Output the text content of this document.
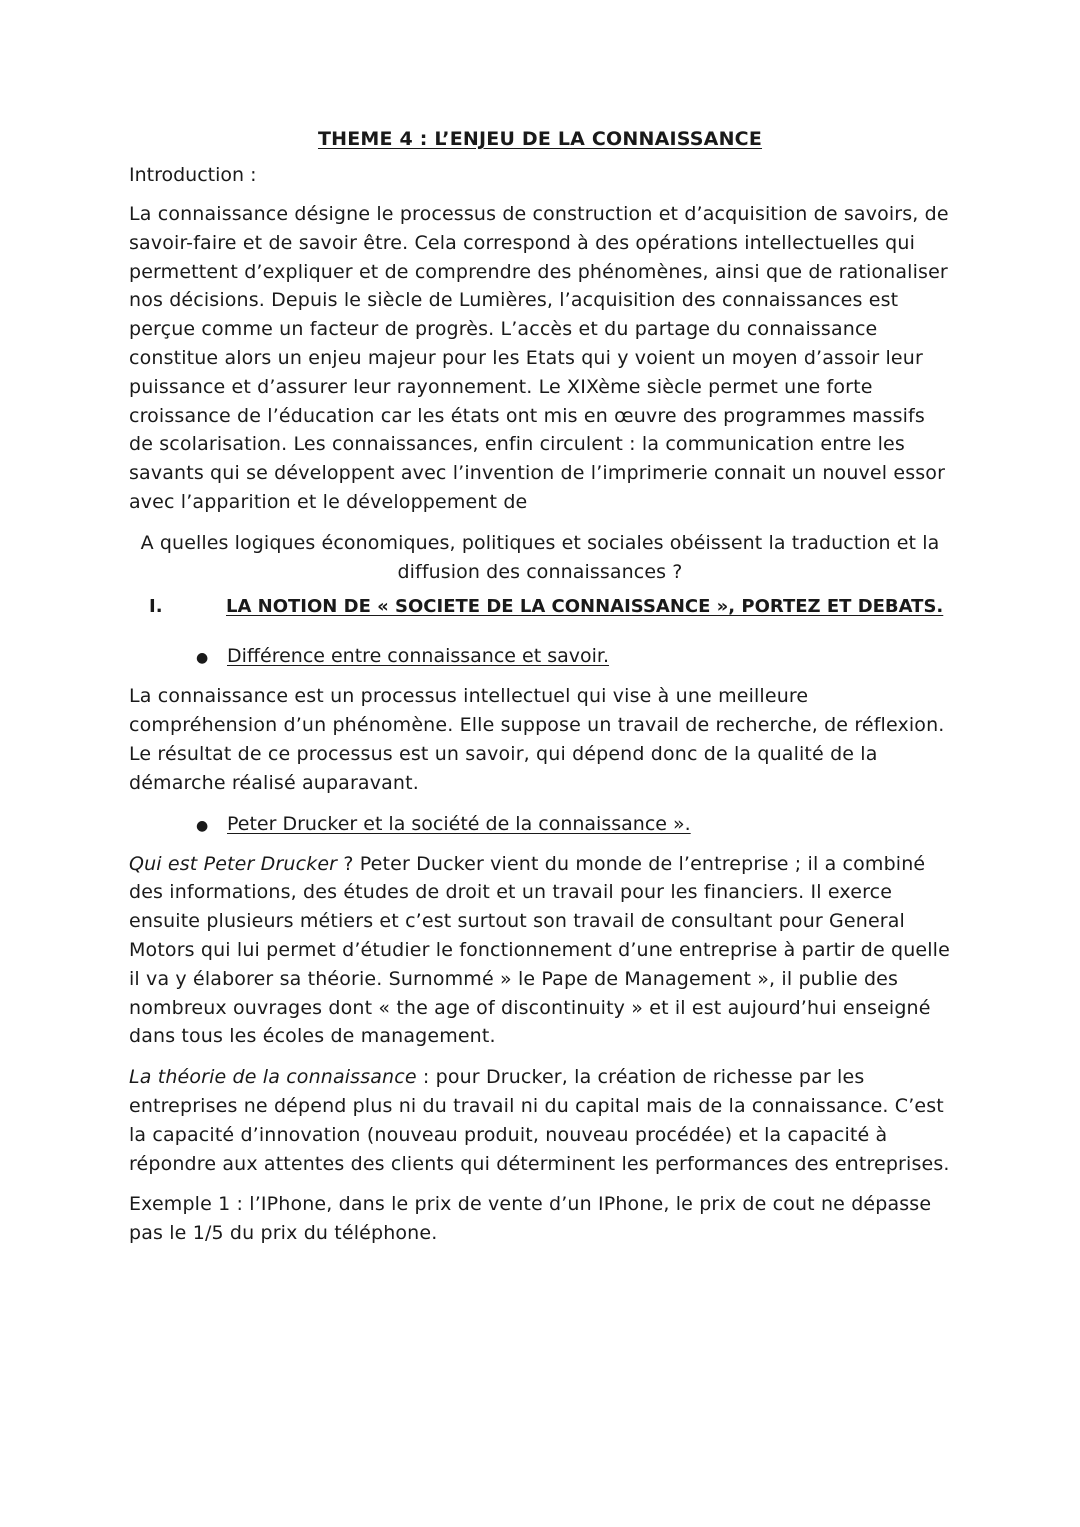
THEME 4 : L’ENJEU DE LA CONNAISSANCE
Introduction :

La connaissance désigne le processus de construction et d’acquisition de savoirs, de savoir-faire et de savoir être. Cela correspond à des opérations intellectuelles qui permettent d’expliquer et de comprendre des phénomènes, ainsi que de rationaliser nos décisions. Depuis le siècle de Lumières, l’acquisition des connaissances est perçue comme un facteur de progrès. L’accès et du partage du connaissance constitue alors un enjeu majeur pour les Etats qui y voient un moyen d’assoir leur puissance et d’assurer leur rayonnement. Le XIXème siècle permet une forte croissance de l’éducation car les états ont mis en œuvre des programmes massifs de scolarisation. Les connaissances, enfin circulent : la communication entre les savants qui se développent avec l’invention de l’imprimerie connait un nouvel essor avec l’apparition et le développement de

A quelles logiques économiques, politiques et sociales obéissent la traduction et la diffusion des connaissances ?

I.	LA NOTION DE « SOCIETE DE LA CONNAISSANCE », PORTEZ ET DEBATS.
● Différence entre connaissance et savoir.

La connaissance est un processus intellectuel qui vise à une meilleure compréhension d’un phénomène. Elle suppose un travail de recherche, de réflexion. Le résultat de ce processus est un savoir, qui dépend donc de la qualité de la démarche réalisé auparavant.

● Peter Drucker et la société de la connaissance ».

Qui est Peter Drucker ? Peter Ducker vient du monde de l’entreprise ; il a combiné des informations, des études de droit et un travail pour les financiers. Il exerce ensuite plusieurs métiers et c’est surtout son travail de consultant pour General Motors qui lui permet d’étudier le fonctionnement d’une entreprise à partir de quelle il va y élaborer sa théorie. Surnommé » le Pape de Management », il publie des nombreux ouvrages dont « the age of discontinuity » et il est aujourd’hui enseigné dans tous les écoles de management.

La théorie de la connaissance : pour Drucker, la création de richesse par les entreprises ne dépend plus ni du travail ni du capital mais de la connaissance. C’est la capacité d’innovation (nouveau produit, nouveau procédée) et la capacité à répondre aux attentes des clients qui déterminent les performances des entreprises.

Exemple 1 : l’IPhone, dans le prix de vente d’un IPhone, le prix de cout ne dépasse pas le 1/5 du prix du téléphone.
